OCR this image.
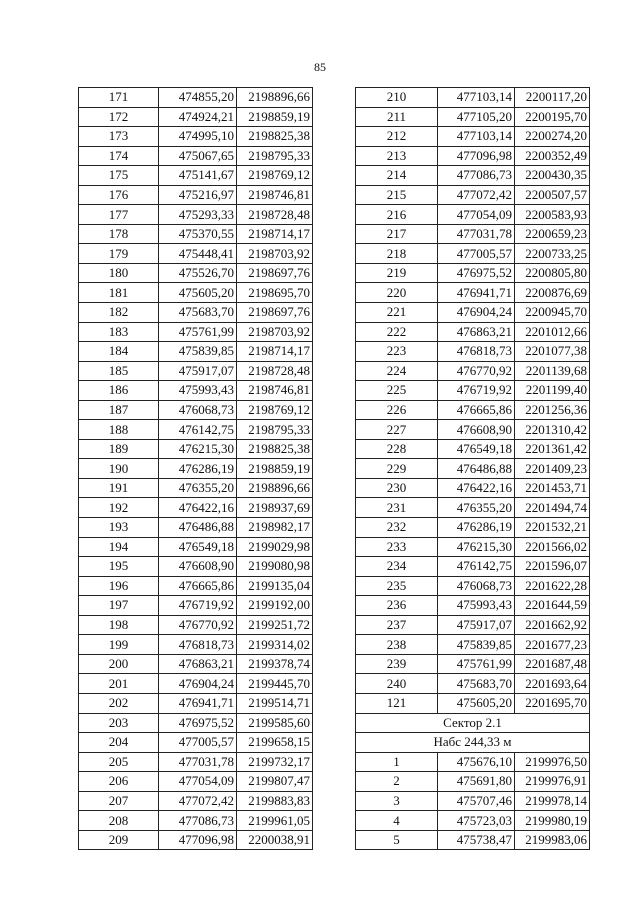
85
171	474855,20	2198896,66
172	474924,21	2198859,19
173	474995,10	2198825,38
174	475067,65	2198795,33
175	475141,67	2198769,12
176	475216,97	2198746,81
177	475293,33	2198728,48
178	475370,55	2198714,17
179	475448,41	2198703,92
180	475526,70	2198697,76
181	475605,20	2198695,70
182	475683,70	2198697,76
183	475761,99	2198703,92
184	475839,85	2198714,17
185	475917,07	2198728,48
186	475993,43	2198746,81
187	476068,73	2198769,12
188	476142,75	2198795,33
189	476215,30	2198825,38
190	476286,19	2198859,19
191	476355,20	2198896,66
192	476422,16	2198937,69
193	476486,88	2198982,17
194	476549,18	2199029,98
195	476608,90	2199080,98
196	476665,86	2199135,04
197	476719,92	2199192,00
198	476770,92	2199251,72
199	476818,73	2199314,02
200	476863,21	2199378,74
201	476904,24	2199445,70
202	476941,71	2199514,71
203	476975,52	2199585,60
204	477005,57	2199658,15
205	477031,78	2199732,17
206	477054,09	2199807,47
207	477072,42	2199883,83
208	477086,73	2199961,05
209	477096,98	2200038,91
210	477103,14	2200117,20
211	477105,20	2200195,70
212	477103,14	2200274,20
213	477096,98	2200352,49
214	477086,73	2200430,35
215	477072,42	2200507,57
216	477054,09	2200583,93
217	477031,78	2200659,23
218	477005,57	2200733,25
219	476975,52	2200805,80
220	476941,71	2200876,69
221	476904,24	2200945,70
222	476863,21	2201012,66
223	476818,73	2201077,38
224	476770,92	2201139,68
225	476719,92	2201199,40
226	476665,86	2201256,36
227	476608,90	2201310,42
228	476549,18	2201361,42
229	476486,88	2201409,23
230	476422,16	2201453,71
231	476355,20	2201494,74
232	476286,19	2201532,21
233	476215,30	2201566,02
234	476142,75	2201596,07
235	476068,73	2201622,28
236	475993,43	2201644,59
237	475917,07	2201662,92
238	475839,85	2201677,23
239	475761,99	2201687,48
240	475683,70	2201693,64
121	475605,20	2201695,70
Сектор 2.1		
Набс 244,33 м		
1	475676,10	2199976,50
2	475691,80	2199976,91
3	475707,46	2199978,14
4	475723,03	2199980,19
5	475738,47	2199983,06
